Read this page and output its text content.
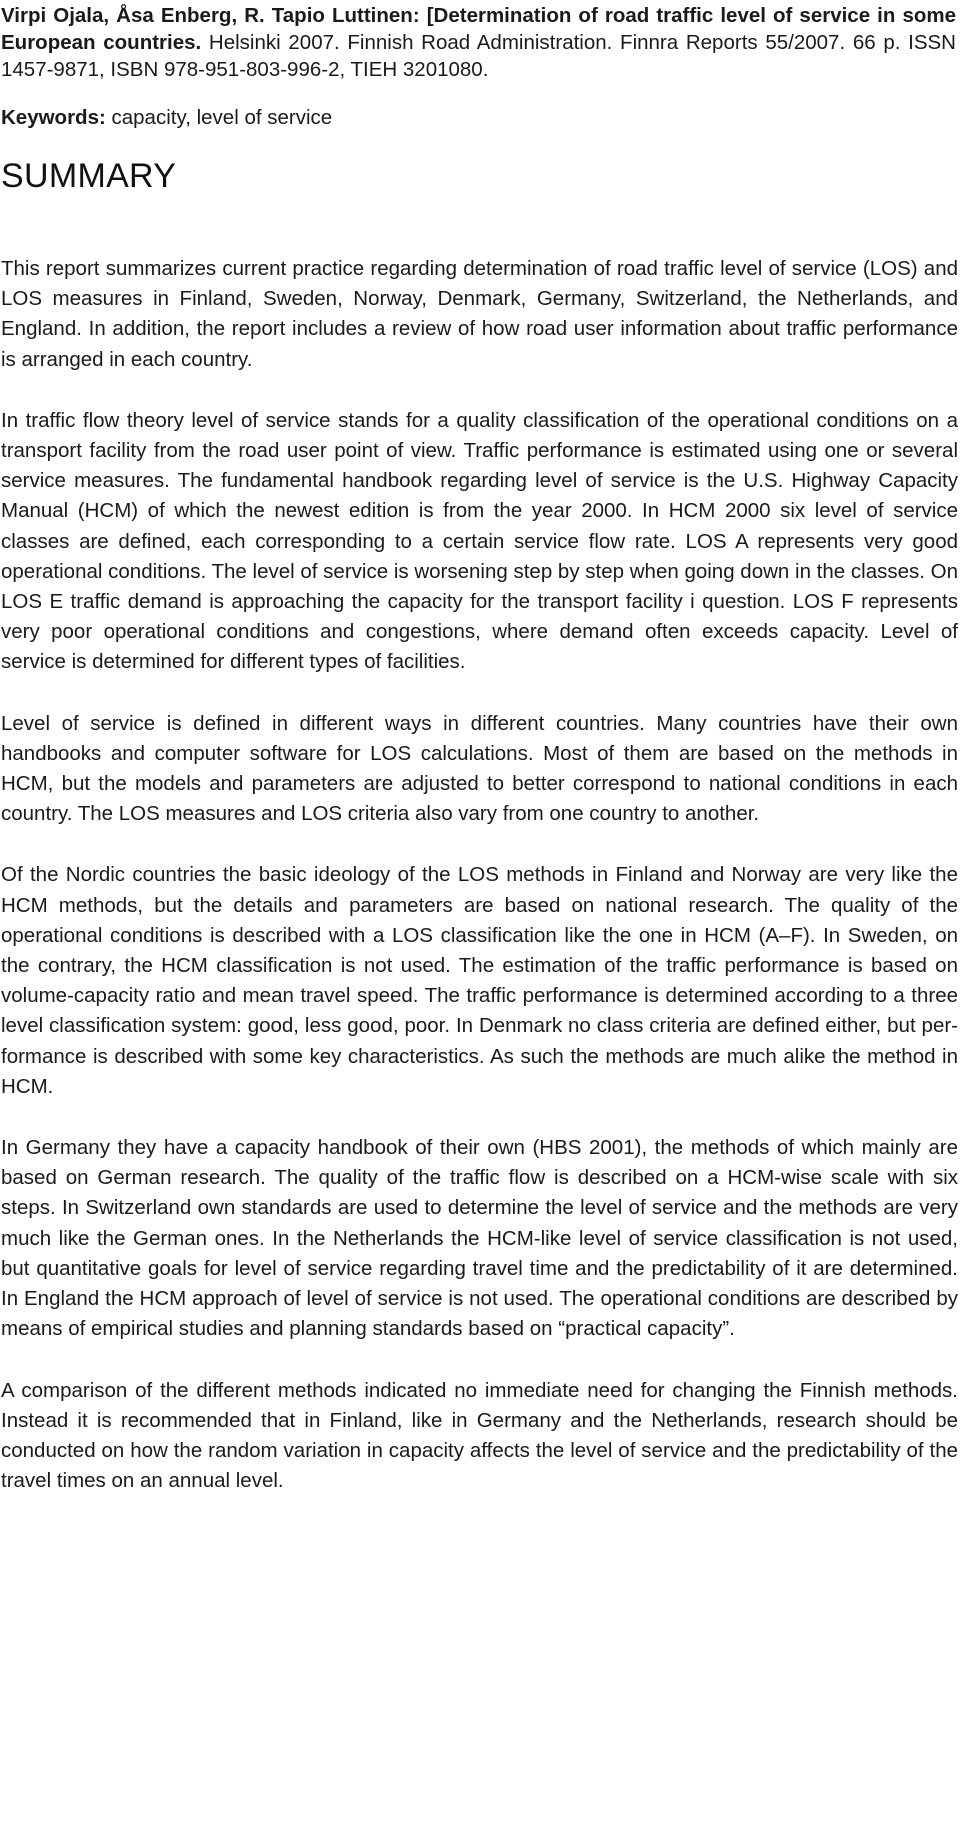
Virpi Ojala, Åsa Enberg, R. Tapio Luttinen: [Determination of road traffic level of service in some European countries. Helsinki 2007. Finnish Road Administration. Finnra Reports 55/2007. 66 p. ISSN 1457-9871, ISBN 978-951-803-996-2, TIEH 3201080.

Keywords: capacity, level of service

SUMMARY

This report summarizes current practice regarding determination of road traffic level of service (LOS) and LOS measures in Finland, Sweden, Norway, Denmark, Germany, Switzerland, the Netherlands, and England. In addition, the report includes a review of how road user information about traffic performance is arranged in each country.

In traffic flow theory level of service stands for a quality classification of the operational conditions on a transport facility from the road user point of view. Traffic performance is estimated using one or several service measures. The fundamental handbook regarding level of service is the U.S. Highway Capacity Manual (HCM) of which the newest edition is from the year 2000. In HCM 2000 six level of service classes are defined, each corresponding to a certain service flow rate. LOS A represents very good operational conditions. The level of service is worsening step by step when going down in the classes. On LOS E traffic demand is approaching the capacity for the transport facility i question. LOS F represents very poor operational conditions and congestions, where demand often exceeds capacity. Level of service is determined for different types of facilities.

Level of service is defined in different ways in different countries. Many countries have their own handbooks and computer software for LOS calculations. Most of them are based on the methods in HCM, but the models and parameters are adjusted to better correspond to national conditions in each country. The LOS measures and LOS criteria also vary from one country to another.

Of the Nordic countries the basic ideology of the LOS methods in Finland and Norway are very like the HCM methods, but the details and parameters are based on national research. The quality of the operational conditions is described with a LOS classification like the one in HCM (A–F). In Sweden, on the contrary, the HCM classification is not used. The estimation of the traffic performance is based on volume-capacity ratio and mean travel speed. The traffic performance is determined according to a three level classification system: good, less good, poor. In Denmark no class criteria are defined either, but performance is described with some key characteristics. As such the methods are much alike the method in HCM.

In Germany they have a capacity handbook of their own (HBS 2001), the methods of which mainly are based on German research. The quality of the traffic flow is described on a HCM-wise scale with six steps. In Switzerland own standards are used to determine the level of service and the methods are very much like the German ones. In the Netherlands the HCM-like level of service classification is not used, but quantitative goals for level of service regarding travel time and the predictability of it are determined. In England the HCM approach of level of service is not used. The operational conditions are described by means of empirical studies and planning standards based on “practical capacity”.

A comparison of the different methods indicated no immediate need for changing the Finnish methods. Instead it is recommended that in Finland, like in Germany and the Netherlands, research should be conducted on how the random variation in capacity affects the level of service and the predictability of the travel times on an annual level.
